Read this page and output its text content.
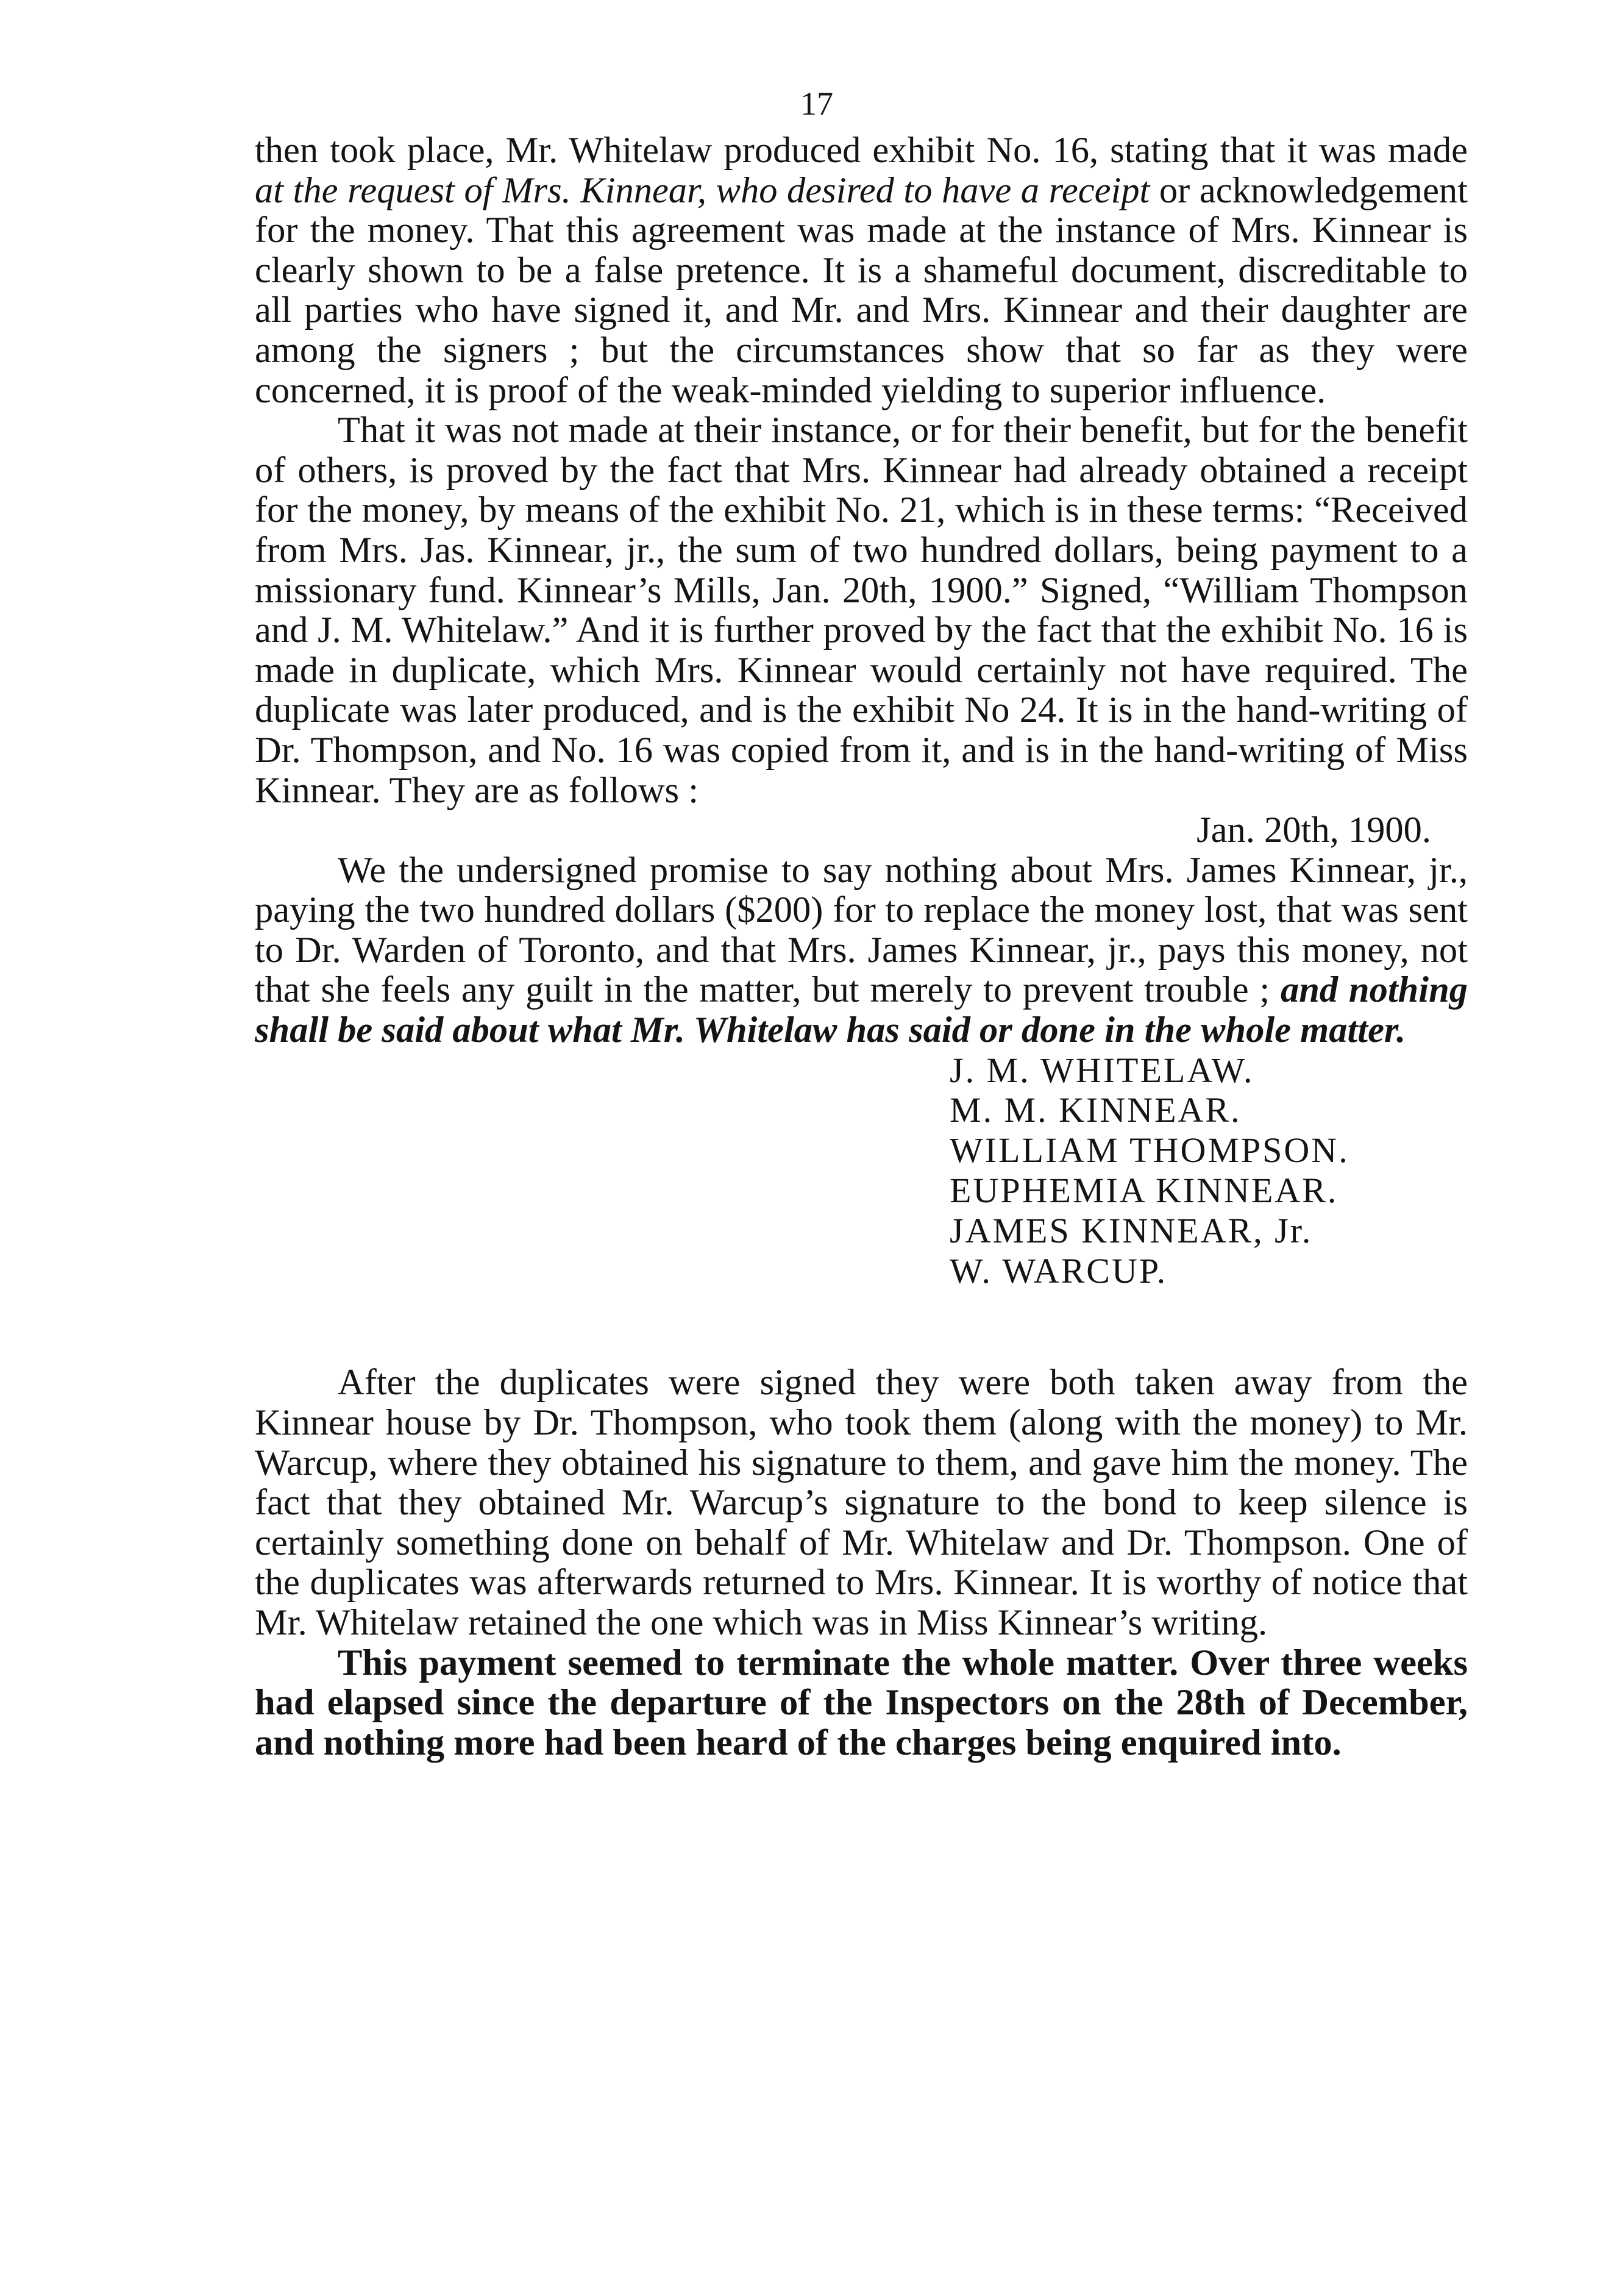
17

then took place, Mr. Whitelaw produced exhibit No. 16, stating that it was made at the request of Mrs. Kinnear, who desired to have a receipt or acknowledgement for the money. That this agreement was made at the instance of Mrs. Kinnear is clearly shown to be a false pretence. It is a shameful document, discreditable to all parties who have signed it, and Mr. and Mrs. Kinnear and their daughter are among the signers ; but the circumstances show that so far as they were concerned, it is proof of the weak-minded yielding to superior influence.

That it was not made at their instance, or for their benefit, but for the benefit of others, is proved by the fact that Mrs. Kinnear had already obtained a receipt for the money, by means of the exhibit No. 21, which is in these terms: “Received from Mrs. Jas. Kinnear, jr., the sum of two hundred dollars, being payment to a missionary fund. Kinnear’s Mills, Jan. 20th, 1900.” Signed, “William Thompson and J. M. Whitelaw.” And it is further proved by the fact that the exhibit No. 16 is made in duplicate, which Mrs. Kinnear would certainly not have required. The duplicate was later produced, and is the exhibit No 24. It is in the hand-writing of Dr. Thompson, and No. 16 was copied from it, and is in the hand-writing of Miss Kinnear. They are as follows :

Jan. 20th, 1900.

We the undersigned promise to say nothing about Mrs. James Kinnear, jr., paying the two hundred dollars ($200) for to replace the money lost, that was sent to Dr. Warden of Toronto, and that Mrs. James Kinnear, jr., pays this money, not that she feels any guilt in the matter, but merely to prevent trouble ; and nothing shall be said about what Mr. Whitelaw has said or done in the whole matter.

J. M. WHITELAW.
M. M. KINNEAR.
WILLIAM THOMPSON.
EUPHEMIA KINNEAR.
JAMES KINNEAR, Jr.
W. WARCUP.

After the duplicates were signed they were both taken away from the Kinnear house by Dr. Thompson, who took them (along with the money) to Mr. Warcup, where they obtained his signature to them, and gave him the money. The fact that they obtained Mr. Warcup’s signature to the bond to keep silence is certainly something done on behalf of Mr. Whitelaw and Dr. Thompson. One of the duplicates was afterwards returned to Mrs. Kinnear. It is worthy of notice that Mr. Whitelaw retained the one which was in Miss Kinnear’s writing.

This payment seemed to terminate the whole matter. Over three weeks had elapsed since the departure of the Inspectors on the 28th of December, and nothing more had been heard of the charges being enquired into.
